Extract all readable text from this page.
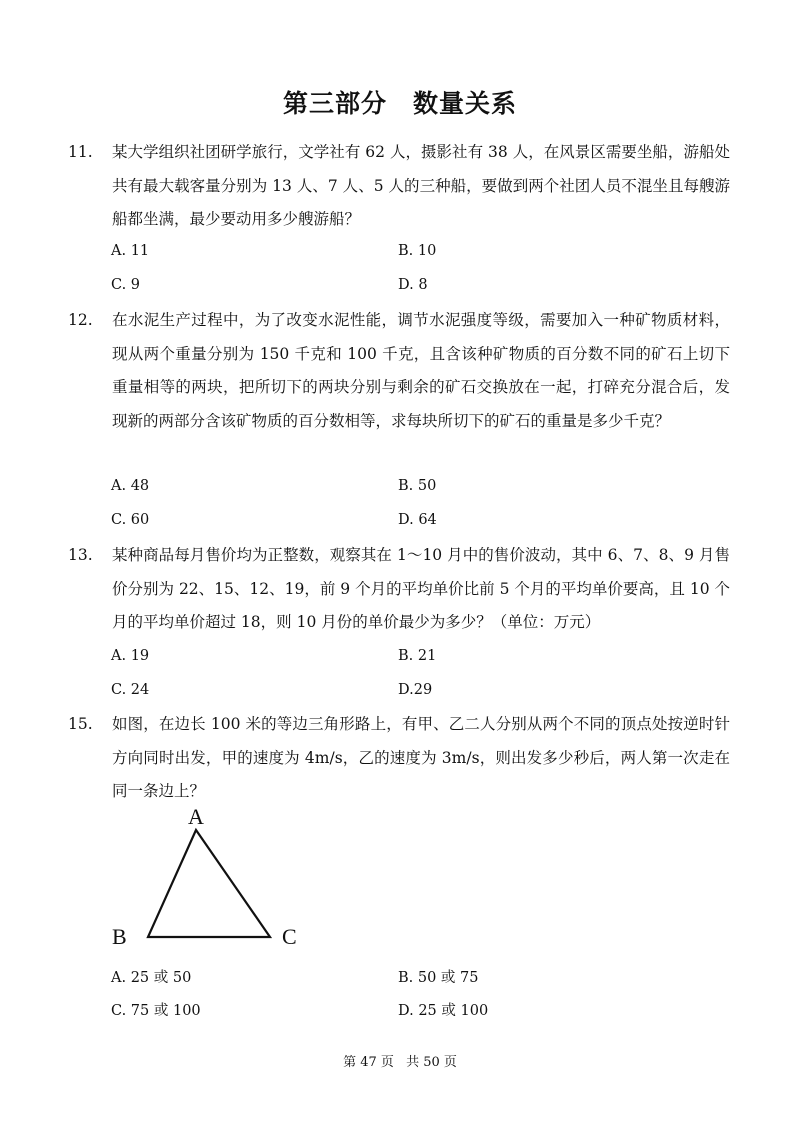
第三部分　数量关系
11. 某大学组织社团研学旅行，文学社有 62 人，摄影社有 38 人，在风景区需要坐船，游船处共有最大载客量分别为 13 人、7 人、5 人的三种船，要做到两个社团人员不混坐且每艘游船都坐满，最少要动用多少艘游船？
A. 11	B. 10
C. 9	D. 8
12. 在水泥生产过程中，为了改变水泥性能，调节水泥强度等级，需要加入一种矿物质材料，现从两个重量分别为 150 千克和 100 千克，且含该种矿物质的百分数不同的矿石上切下重量相等的两块，把所切下的两块分别与剩余的矿石交换放在一起，打碎充分混合后，发现新的两部分含该矿物质的百分数相等，求每块所切下的矿石的重量是多少千克？
A. 48	B. 50
C. 60	D. 64
13. 某种商品每月售价均为正整数，观察其在 1～10 月中的售价波动，其中 6、7、8、9 月售价分别为 22、15、12、19，前 9 个月的平均单价比前 5 个月的平均单价要高，且 10 个月的平均单价超过 18，则 10 月份的单价最少为多少？（单位：万元）
A. 19	B. 21
C. 24	D.29
15. 如图，在边长 100 米的等边三角形路上，有甲、乙二人分别从两个不同的顶点处按逆时针方向同时出发，甲的速度为 4m/s，乙的速度为 3m/s，则出发多少秒后，两人第一次走在同一条边上？
A
B	C
A. 25 或 50	B. 50 或 75
C. 75 或 100	D. 25 或 100
第 47 页 共 50 页
